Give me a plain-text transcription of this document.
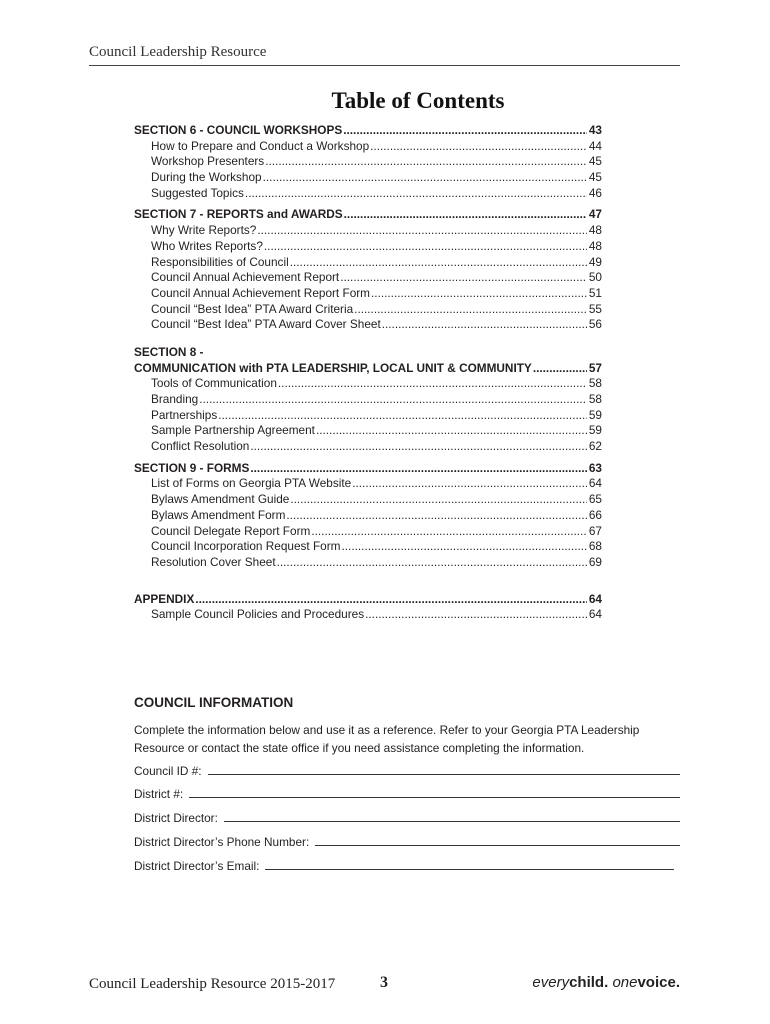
Council Leadership Resource
Table of Contents
SECTION 6 - COUNCIL WORKSHOPS .....	43
How to Prepare and Conduct a Workshop .....	44
Workshop Presenters .....	45
During the Workshop .....	45
Suggested Topics .....	46
SECTION 7 - REPORTS and AWARDS .....	47
Why Write Reports? .....	48
Who Writes Reports? .....	48
Responsibilities of Council .....	49
Council Annual Achievement Report .....	50
Council Annual Achievement Report Form .....	51
Council “Best Idea” PTA Award Criteria .....	55
Council “Best Idea” PTA Award Cover Sheet .....	56
SECTION 8 -
COMMUNICATION with PTA LEADERSHIP, LOCAL UNIT & COMMUNITY .....	57
Tools of Communication .....	58
Branding .....	58
Partnerships .....	59
Sample Partnership Agreement .....	59
Conflict Resolution .....	62
SECTION 9 - FORMS .....	63
List of Forms on Georgia PTA Website .....	64
Bylaws Amendment Guide .....	65
Bylaws Amendment Form .....	66
Council Delegate Report Form .....	67
Council Incorporation Request Form .....	68
Resolution Cover Sheet .....	69
APPENDIX .....	64
Sample Council Policies and Procedures .....	64
COUNCIL INFORMATION
Complete the information below and use it as a reference. Refer to your Georgia PTA Leadership Resource or contact the state office if you need assistance completing the information.
Council ID #:
District #:
District Director:
District Director’s Phone Number:
District Director’s Email:
Council Leadership Resource 2015-2017	3	everychild. onevoice.
